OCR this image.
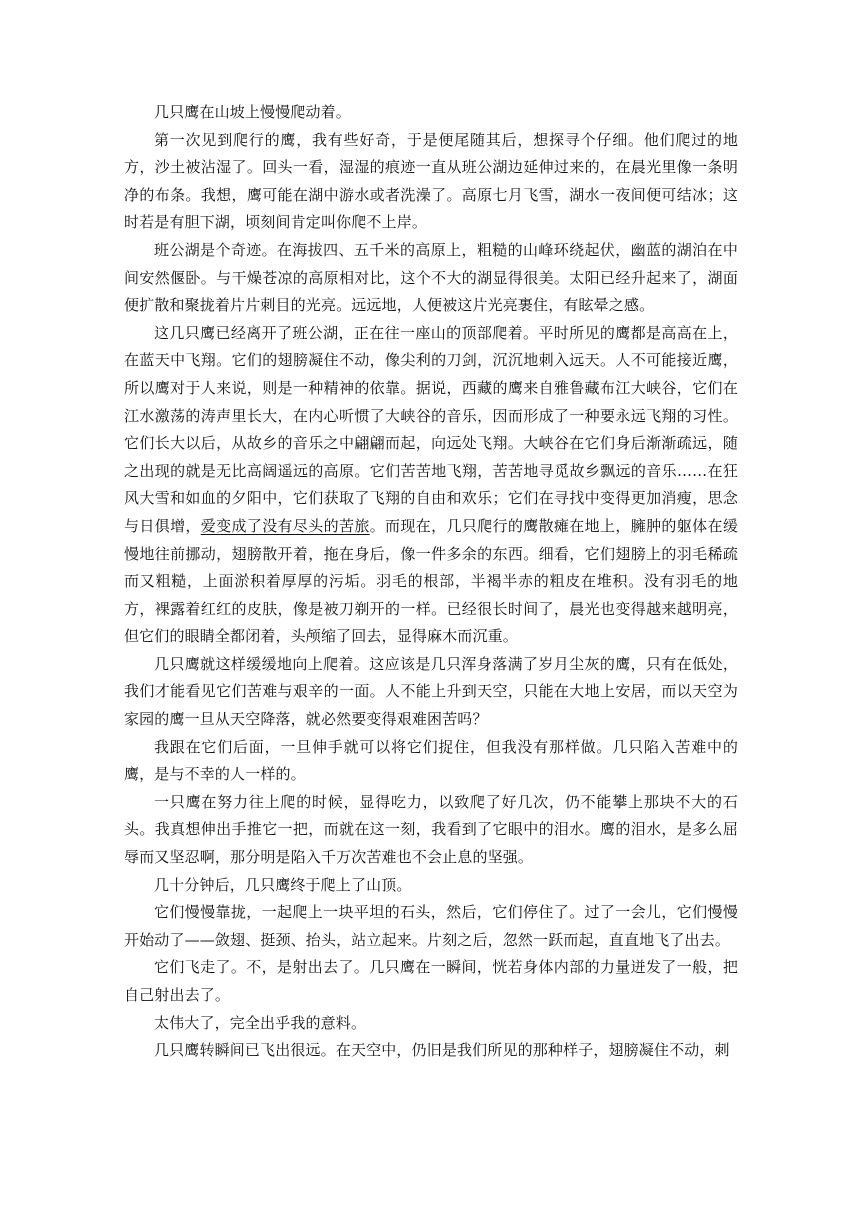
几只鹰在山坡上慢慢爬动着。

第一次见到爬行的鹰，我有些好奇，于是便尾随其后，想探寻个仔细。他们爬过的地方，沙土被沾湿了。回头一看，湿湿的痕迹一直从班公湖边延伸过来的，在晨光里像一条明净的布条。我想，鹰可能在湖中游水或者洗澡了。高原七月飞雪，湖水一夜间便可结冰；这时若是有胆下湖，顷刻间肯定叫你爬不上岸。

班公湖是个奇迹。在海拔四、五千米的高原上，粗糙的山峰环绕起伏，幽蓝的湖泊在中间安然偃卧。与干燥苍凉的高原相对比，这个不大的湖显得很美。太阳已经升起来了，湖面便扩散和聚拢着片片刺目的光亮。远远地，人便被这片光亮裹住，有眩晕之感。

这几只鹰已经离开了班公湖，正在往一座山的顶部爬着。平时所见的鹰都是高高在上，在蓝天中飞翔。它们的翅膀凝住不动，像尖利的刀剑，沉沉地刺入远天。人不可能接近鹰，所以鹰对于人来说，则是一种精神的依靠。据说，西藏的鹰来自雅鲁藏布江大峡谷，它们在江水激荡的涛声里长大，在内心听惯了大峡谷的音乐，因而形成了一种要永远飞翔的习性。它们长大以后，从故乡的音乐之中翩翩而起，向远处飞翔。大峡谷在它们身后渐渐疏远，随之出现的就是无比高阔遥远的高原。它们苦苦地飞翔，苦苦地寻觅故乡飘远的音乐……在狂风大雪和如血的夕阳中，它们获取了飞翔的自由和欢乐；它们在寻找中变得更加消瘦，思念与日俱增，爱变成了没有尽头的苦旅。而现在，几只爬行的鹰散瘫在地上，臃肿的躯体在缓慢地往前挪动，翅膀散开着，拖在身后，像一件多余的东西。细看，它们翅膀上的羽毛稀疏而又粗糙，上面淤积着厚厚的污垢。羽毛的根部，半褐半赤的粗皮在堆积。没有羽毛的地方，裸露着红红的皮肤，像是被刀剃开的一样。已经很长时间了，晨光也变得越来越明亮，但它们的眼睛全都闭着，头颅缩了回去，显得麻木而沉重。

几只鹰就这样缓缓地向上爬着。这应该是几只浑身落满了岁月尘灰的鹰，只有在低处，我们才能看见它们苦难与艰辛的一面。人不能上升到天空，只能在大地上安居，而以天空为家园的鹰一旦从天空降落，就必然要变得艰难困苦吗？

我跟在它们后面，一旦伸手就可以将它们捉住，但我没有那样做。几只陷入苦难中的鹰，是与不幸的人一样的。

一只鹰在努力往上爬的时候，显得吃力，以致爬了好几次，仍不能攀上那块不大的石头。我真想伸出手推它一把，而就在这一刻，我看到了它眼中的泪水。鹰的泪水，是多么屈辱而又坚忍啊，那分明是陷入千万次苦难也不会止息的坚强。

几十分钟后，几只鹰终于爬上了山顶。

它们慢慢靠拢，一起爬上一块平坦的石头，然后，它们停住了。过了一会儿，它们慢慢开始动了——敛翅、挺颈、抬头，站立起来。片刻之后，忽然一跃而起，直直地飞了出去。

它们飞走了。不，是射出去了。几只鹰在一瞬间，恍若身体内部的力量迸发了一般，把自己射出去了。

太伟大了，完全出乎我的意料。

几只鹰转瞬间已飞出很远。在天空中，仍旧是我们所见的那种样子，翅膀凝住不动，刺
